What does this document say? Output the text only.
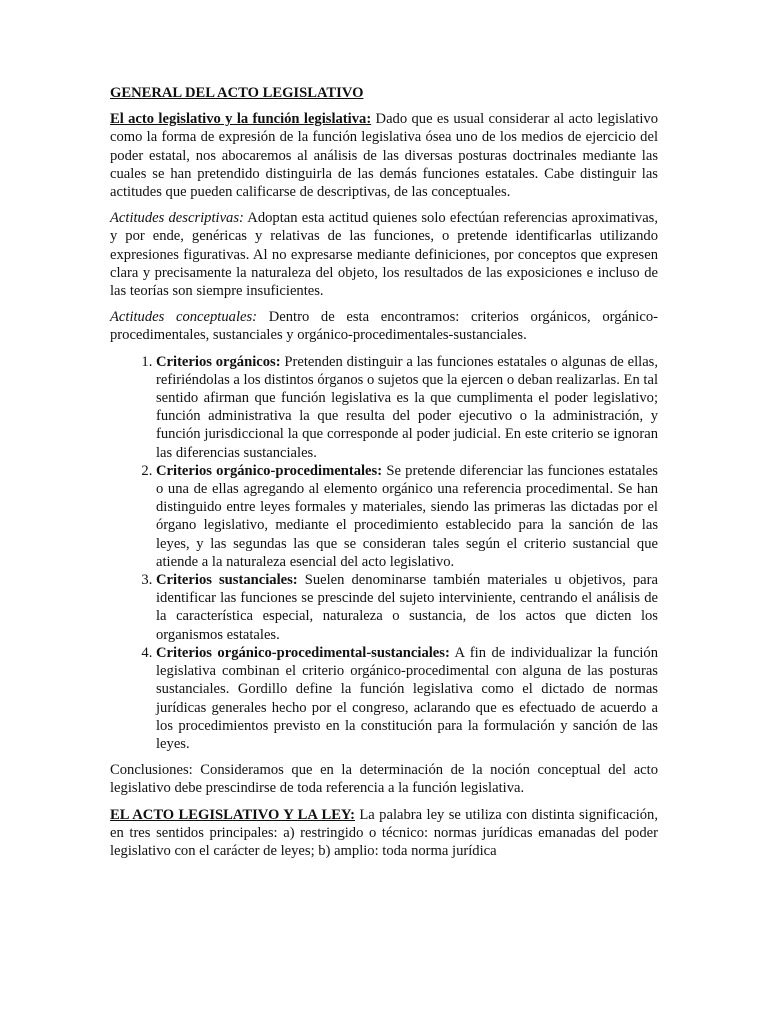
GENERAL DEL ACTO LEGISLATIVO

El acto legislativo y la función legislativa: Dado que es usual considerar al acto legislativo como la forma de expresión de la función legislativa ósea uno de los medios de ejercicio del poder estatal, nos abocaremos al análisis de las diversas posturas doctrinales mediante las cuales se han pretendido distinguirla de las demás funciones estatales. Cabe distinguir las actitudes que pueden calificarse de descriptivas, de las conceptuales.

Actitudes descriptivas: Adoptan esta actitud quienes solo efectúan referencias aproximativas, y por ende, genéricas y relativas de las funciones, o pretende identificarlas utilizando expresiones figurativas. Al no expresarse mediante definiciones, por conceptos que expresen clara y precisamente la naturaleza del objeto, los resultados de las exposiciones e incluso de las teorías son siempre insuficientes.

Actitudes conceptuales: Dentro de esta encontramos: criterios orgánicos, orgánico-procedimentales, sustanciales y orgánico-procedimentales-sustanciales.

1. Criterios orgánicos: Pretenden distinguir a las funciones estatales o algunas de ellas, refiriéndolas a los distintos órganos o sujetos que la ejercen o deban realizarlas. En tal sentido afirman que función legislativa es la que cumplimenta el poder legislativo; función administrativa la que resulta del poder ejecutivo o la administración, y función jurisdiccional la que corresponde al poder judicial. En este criterio se ignoran las diferencias sustanciales.
2. Criterios orgánico-procedimentales: Se pretende diferenciar las funciones estatales o una de ellas agregando al elemento orgánico una referencia procedimental. Se han distinguido entre leyes formales y materiales, siendo las primeras las dictadas por el órgano legislativo, mediante el procedimiento establecido para la sanción de las leyes, y las segundas las que se consideran tales según el criterio sustancial que atiende a la naturaleza esencial del acto legislativo.
3. Criterios sustanciales: Suelen denominarse también materiales u objetivos, para identificar las funciones se prescinde del sujeto interviniente, centrando el análisis de la característica especial, naturaleza o sustancia, de los actos que dicten los organismos estatales.
4. Criterios orgánico-procedimental-sustanciales: A fin de individualizar la función legislativa combinan el criterio orgánico-procedimental con alguna de las posturas sustanciales. Gordillo define la función legislativa como el dictado de normas jurídicas generales hecho por el congreso, aclarando que es efectuado de acuerdo a los procedimientos previsto en la constitución para la formulación y sanción de las leyes.

Conclusiones: Consideramos que en la determinación de la noción conceptual del acto legislativo debe prescindirse de toda referencia a la función legislativa.

EL ACTO LEGISLATIVO Y LA LEY: La palabra ley se utiliza con distinta significación, en tres sentidos principales: a) restringido o técnico: normas jurídicas emanadas del poder legislativo con el carácter de leyes; b) amplio: toda norma jurídica
